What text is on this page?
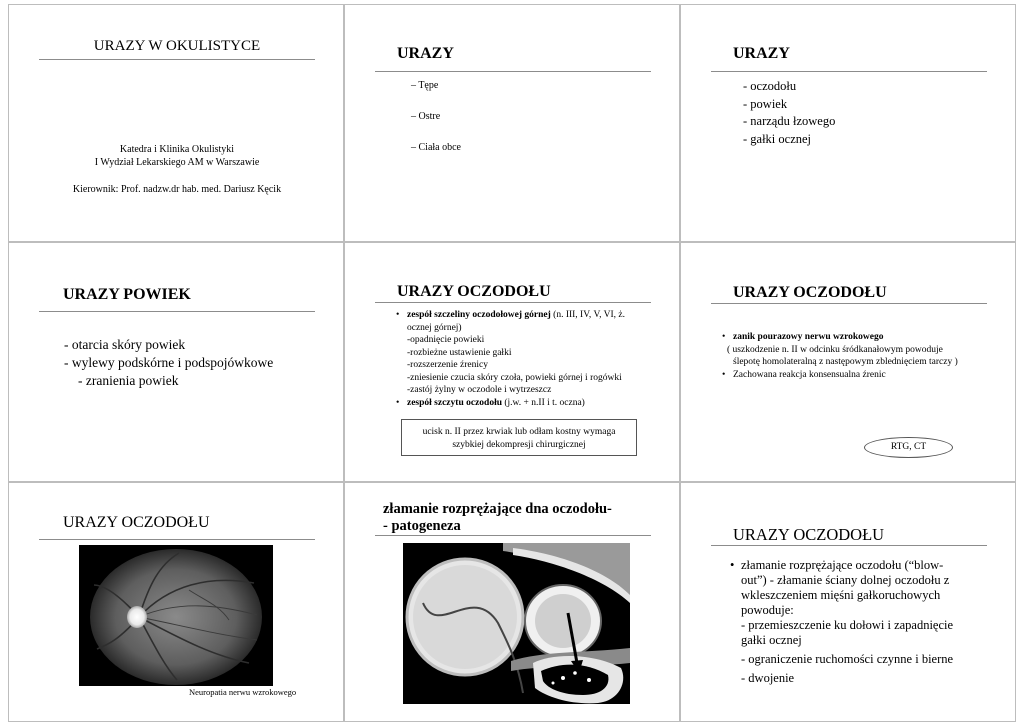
URAZY W OKULISTYCE
Katedra i Klinika Okulistyki
I Wydział Lekarskiego AM w Warszawie
Kierownik: Prof. nadzw.dr hab. med. Dariusz Kęcik
URAZY
– Tępe
– Ostre
– Ciała obce
URAZY
- oczodołu
- powiek
- narządu łzowego
- gałki ocznej
URAZY POWIEK
- otarcia skóry powiek
- wylewy podskórne i podspojówkowe
- zranienia powiek
URAZY OCZODOŁU
• zespół szczeliny oczodołowej górnej (n. III, IV, V, VI, ż.
ocznej górnej)
-opadnięcie powieki
-rozbieżne ustawienie gałki
-rozszerzenie źrenicy
-zniesienie czucia skóry czoła, powieki górnej i rogówki
-zastój żylny w oczodole i wytrzeszcz
• zespół szczytu oczodołu (j.w. + n.II i t. oczna)
ucisk n. II przez krwiak lub odłam kostny wymaga
szybkiej dekompresji chirurgicznej
URAZY OCZODOŁU
• zanik pourazowy nerwu wzrokowego
( uszkodzenie n. II w odcinku śródkanałowym powoduje
ślepotę homolateralną z następowym zblednięciem tarczy )
• Zachowana reakcja konsensualna źrenic
RTG, CT
URAZY OCZODOŁU
Neuropatia nerwu wzrokowego
złamanie rozprężające dna oczodołu-
- patogeneza	URAZY OCZODOŁU
• złamanie rozprężające oczodołu (“blow-
out”) - złamanie ściany dolnej oczodołu z
wkleszczeniem mięśni gałkoruchowych
powoduje:
- przemieszczenie ku dołowi i zapadnięcie
gałki ocznej
- ograniczenie ruchomości czynne i bierne
- dwojenie
